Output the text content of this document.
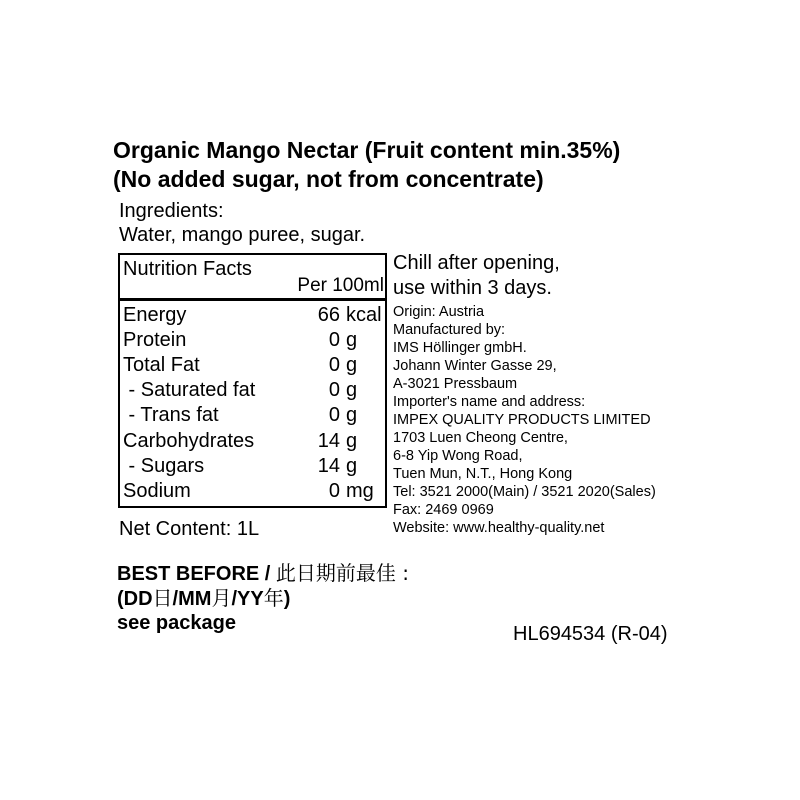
Organic Mango Nectar (Fruit content min.35%)
(No added sugar, not from concentrate)
Ingredients:
Water, mango puree, sugar.
Nutrition Facts
Per 100ml
Energy	66 kcal
Protein	0 g
Total Fat	0 g
- Saturated fat	0 g
- Trans fat	0 g
Carbohydrates	14 g
- Sugars	14 g
Sodium	0 mg
Chill after opening,
use within 3 days.
Origin: Austria
Manufactured by:
IMS Höllinger gmbH.
Johann Winter Gasse 29,
A-3021 Pressbaum
Importer's name and address:
IMPEX QUALITY PRODUCTS LIMITED
1703 Luen Cheong Centre,
6-8 Yip Wong Road,
Tuen Mun, N.T., Hong Kong
Tel: 3521 2000(Main) / 3521 2020(Sales)
Fax: 2469 0969
Website: www.healthy-quality.net
Net Content: 1L
BEST BEFORE / 此日期前最佳 :
(DD日/MM月/YY年)
see package	HL694534 (R-04)
